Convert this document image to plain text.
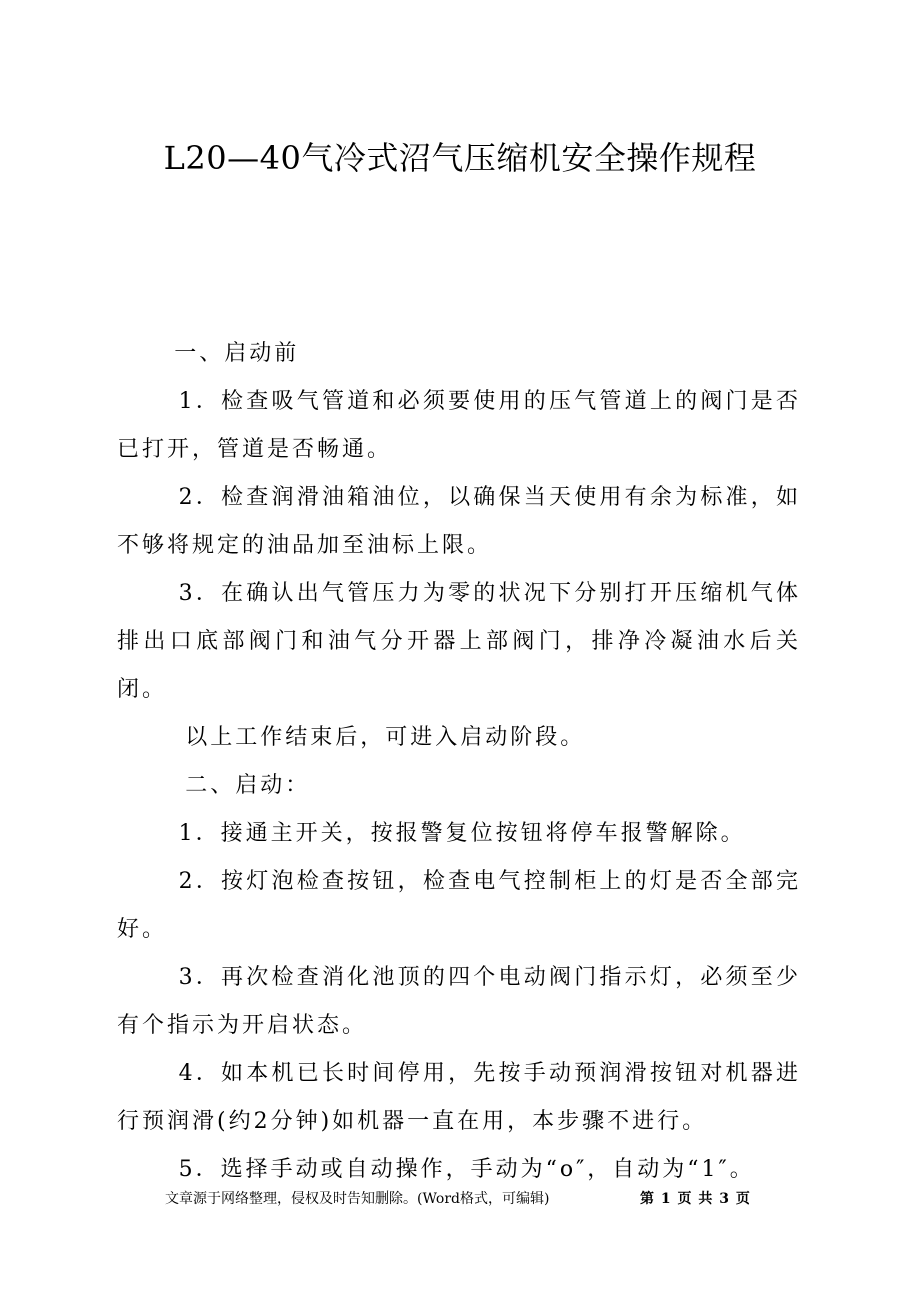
L20—40气冷式沼气压缩机安全操作规程

一、启动前

1．检查吸气管道和必须要使用的压气管道上的阀门是否已打开，管道是否畅通。

2．检查润滑油箱油位，以确保当天使用有余为标准，如不够将规定的油品加至油标上限。

3．在确认出气管压力为零的状况下分别打开压缩机气体排出口底部阀门和油气分开器上部阀门，排净冷凝油水后关闭。

以上工作结束后，可进入启动阶段。

二、启动：

1．接通主开关，按报警复位按钮将停车报警解除。

2．按灯泡检查按钮，检查电气控制柜上的灯是否全部完好。

3．再次检查消化池顶的四个电动阀门指示灯，必须至少有个指示为开启状态。

4．如本机已长时间停用，先按手动预润滑按钮对机器进行预润滑(约2分钟)如机器一直在用，本步骤不进行。

5．选择手动或自动操作，手动为“o″，自动为“1″。

文章源于网络整理，侵权及时告知删除。(Word格式，可编辑)	第 1 页 共 3 页
